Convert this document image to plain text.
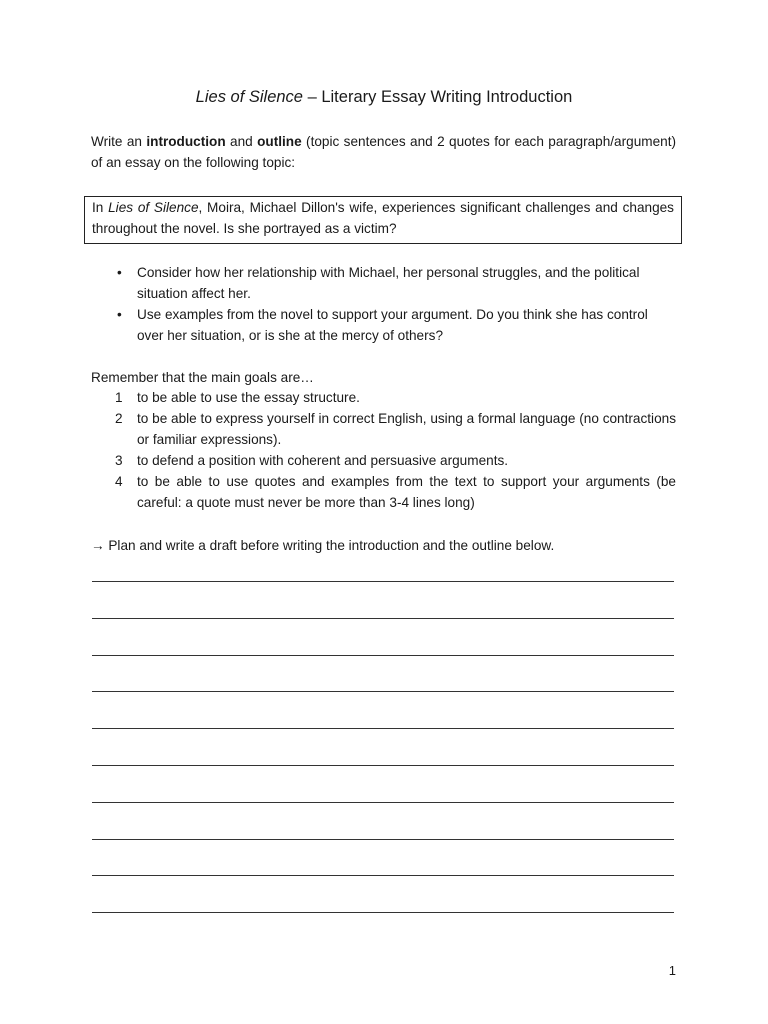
Lies of Silence – Literary Essay Writing Introduction
Write an introduction and outline (topic sentences and 2 quotes for each paragraph/argument) of an essay on the following topic:
In Lies of Silence, Moira, Michael Dillon's wife, experiences significant challenges and changes throughout the novel. Is she portrayed as a victim?
• Consider how her relationship with Michael, her personal struggles, and the political situation affect her.
• Use examples from the novel to support your argument. Do you think she has control over her situation, or is she at the mercy of others?
Remember that the main goals are…
1 to be able to use the essay structure.
2 to be able to express yourself in correct English, using a formal language (no contractions or familiar expressions).
3 to defend a position with coherent and persuasive arguments.
4 to be able to use quotes and examples from the text to support your arguments (be careful: a quote must never be more than 3-4 lines long)
→ Plan and write a draft before writing the introduction and the outline below.
1
